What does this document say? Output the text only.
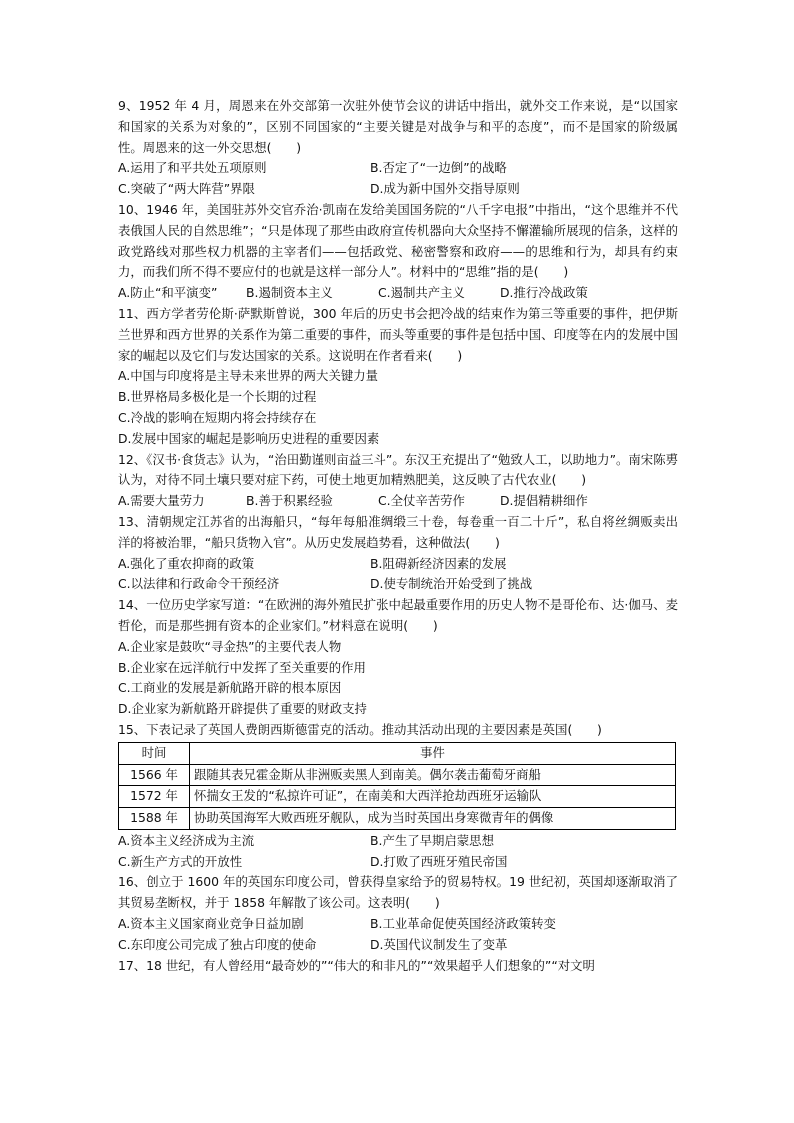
9、1952 年 4 月，周恩来在外交部第一次驻外使节会议的讲话中指出，就外交工作来说，是“以国家和国家的关系为对象的”，区别不同国家的“主要关键是对战争与和平的态度”，而不是国家的阶级属性。周恩来的这一外交思想(　　)

A.运用了和平共处五项原则	B.否定了“一边倒”的战略
C.突破了“两大阵营”界限	D.成为新中国外交指导原则

10、1946 年，美国驻苏外交官乔治·凯南在发给美国国务院的“八千字电报”中指出，“这个思维并不代表俄国人民的自然思维”；“只是体现了那些由政府宣传机器向大众坚持不懈灌输所展现的信条，这样的政党路线对那些权力机器的主宰者们——包括政党、秘密警察和政府——的思维和行为，却具有约束力，而我们所不得不要应付的也就是这样一部分人”。材料中的“思维”指的是(　　)

A.防止“和平演变”	B.遏制资本主义	C.遏制共产主义	D.推行冷战政策

11、西方学者劳伦斯·萨默斯曾说，300 年后的历史书会把冷战的结束作为第三等重要的事件，把伊斯兰世界和西方世界的关系作为第二重要的事件，而头等重要的事件是包括中国、印度等在内的发展中国家的崛起以及它们与发达国家的关系。这说明在作者看来(　　)

A.中国与印度将是主导未来世界的两大关键力量

B.世界格局多极化是一个长期的过程

C.冷战的影响在短期内将会持续存在

D.发展中国家的崛起是影响历史进程的重要因素

12、《汉书·食货志》认为，“治田勤谨则亩益三斗”。东汉王充提出了“勉致人工，以助地力”。南宋陈旉认为，对待不同土壤只要对症下药，可使土地更加精熟肥美，这反映了古代农业(　　)

A.需要大量劳力	B.善于积累经验	C.全仗辛苦劳作	D.提倡精耕细作

13、清朝规定江苏省的出海船只，“每年每船准绸缎三十卷，每卷重一百二十斤”，私自将丝绸贩卖出洋的将被治罪，“船只货物入官”。从历史发展趋势看，这种做法(　　)

A.强化了重农抑商的政策	B.阻碍新经济因素的发展
C.以法律和行政命令干预经济	D.使专制统治开始受到了挑战

14、一位历史学家写道：“在欧洲的海外殖民扩张中起最重要作用的历史人物不是哥伦布、达·伽马、麦哲伦，而是那些拥有资本的企业家们。”材料意在说明(　　)

A.企业家是鼓吹“寻金热”的主要代表人物

B.企业家在远洋航行中发挥了至关重要的作用

C.工商业的发展是新航路开辟的根本原因

D.企业家为新航路开辟提供了重要的财政支持

15、下表记录了英国人费朗西斯德雷克的活动。推动其活动出现的主要因素是英国(　　)

时间	事件
1566 年	跟随其表兄霍金斯从非洲贩卖黑人到南美。偶尔袭击葡萄牙商船
1572 年	怀揣女王发的“私掠许可证”，在南美和大西洋抢劫西班牙运输队
1588 年	协助英国海军大败西班牙舰队，成为当时英国出身寒微青年的偶像
A.资本主义经济成为主流	B.产生了早期启蒙思想
C.新生产方式的开放性	D.打败了西班牙殖民帝国

16、创立于 1600 年的英国东印度公司，曾获得皇家给予的贸易特权。19 世纪初，英国却逐渐取消了其贸易垄断权，并于 1858 年解散了该公司。这表明(　　)

A.资本主义国家商业竞争日益加剧	B.工业革命促使英国经济政策转变
C.东印度公司完成了独占印度的使命	D.英国代议制发生了变革

17、18 世纪，有人曾经用“最奇妙的”“伟大的和非凡的”“效果超乎人们想象的”“对文明
